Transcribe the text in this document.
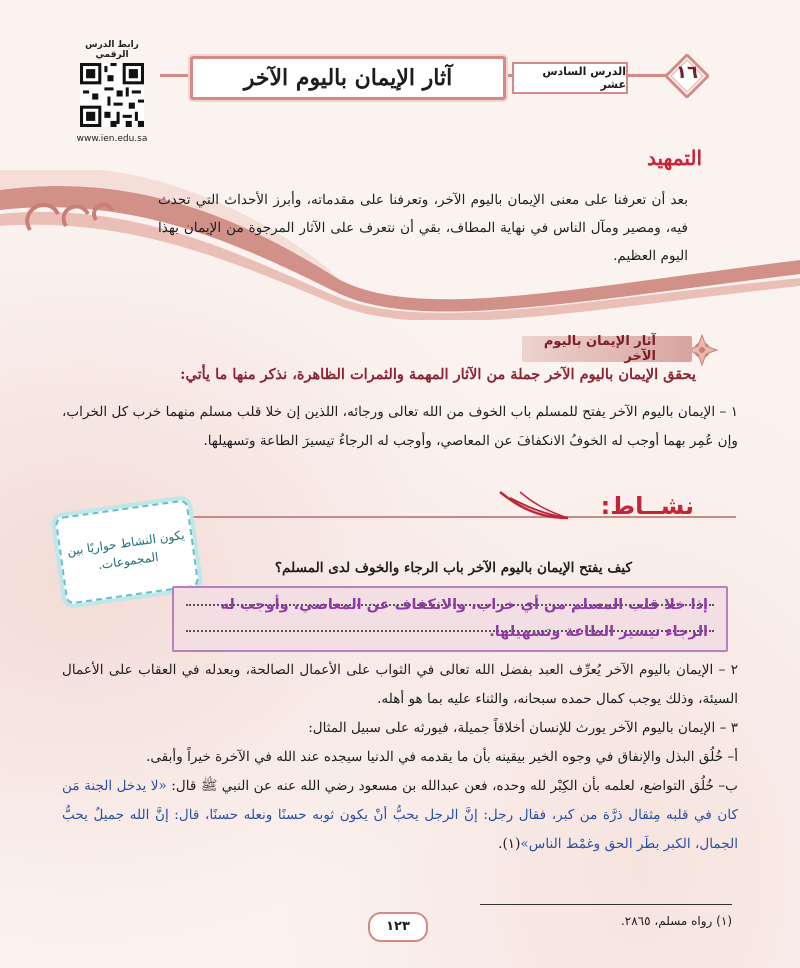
رابط الدرس الرقمي
www.ien.edu.sa
آثار الإيمان باليوم الآخر	الدرس السادس عشر
١٦
التمهيد
بعد أن تعرفنا على معنى الإيمان باليوم الآخر، وتعرفنا على مقدماته، وأبرز الأحداث التي تحدث فيه، ومصير ومآل الناس في نهاية المطاف، بقي أن نتعرف على الآثار المرجوة من الإيمان بهذا اليوم العظيم.
آثار الإيمان باليوم الآخر
يحقق الإيمان باليوم الآخر جملة من الآثار المهمة والثمرات الظاهرة، نذكر منها ما يأتي:
١ – الإيمان باليوم الآخر يفتح للمسلم باب الخوف من الله تعالى ورجائه، اللذين إن خلا قلب مسلم منهما خرب كل الخراب، وإن عُمِر بهما أوجب له الخوفُ الانكفافَ عن المعاصي، وأوجب له الرجاءُ تيسيرَ الطاعة وتسهيلها.
نشــاط:
يكون النشاط حواريًا بين المجموعات.	كيف يفتح الإيمان باليوم الآخر باب الرجاء والخوف لدى المسلم؟
إذا خلا قلب المسلم من أي خراب، والانكفاف عن المعاصي، وأوجب له الرجاء تيسير الطاعة وتسهيلها.
٢ – الإيمان باليوم الآخر يُعرِّف العبد بفضل الله تعالى في الثواب على الأعمال الصالحة، وبعدله في العقاب على الأعمال السيئة، وذلك يوجب كمال حمده سبحانه، والثناء عليه بما هو أهله.
٣ – الإيمان باليوم الآخر يورث للإنسان أخلاقاً جميلة، فيورثه على سبيل المثال:
أ– خُلُق البذل والإنفاق في وجوه الخير بيقينه بأن ما يقدمه في الدنيا سيجده عند الله في الآخرة خيراً وأبقى.
ب– خُلُق التواضع، لعلمه بأن الكِبْر لله وحده، فعن عبدالله بن مسعود رضي الله عنه عن النبي ﷺ قال: «لا يدخل الجنة مَن كان في قلبه مِثقال ذرَّة من كبر، فقال رجل: إنَّ الرجل يحبُّ أنْ يكون ثوبه حسنًا ونعله حسنًا، قال: إنَّ الله جميلٌ يحبُّ الجمال، الكبر بطَر الحق وغمْط الناس»(١).
(١) رواه مسلم، ٢٨٦٥.
١٢٣
